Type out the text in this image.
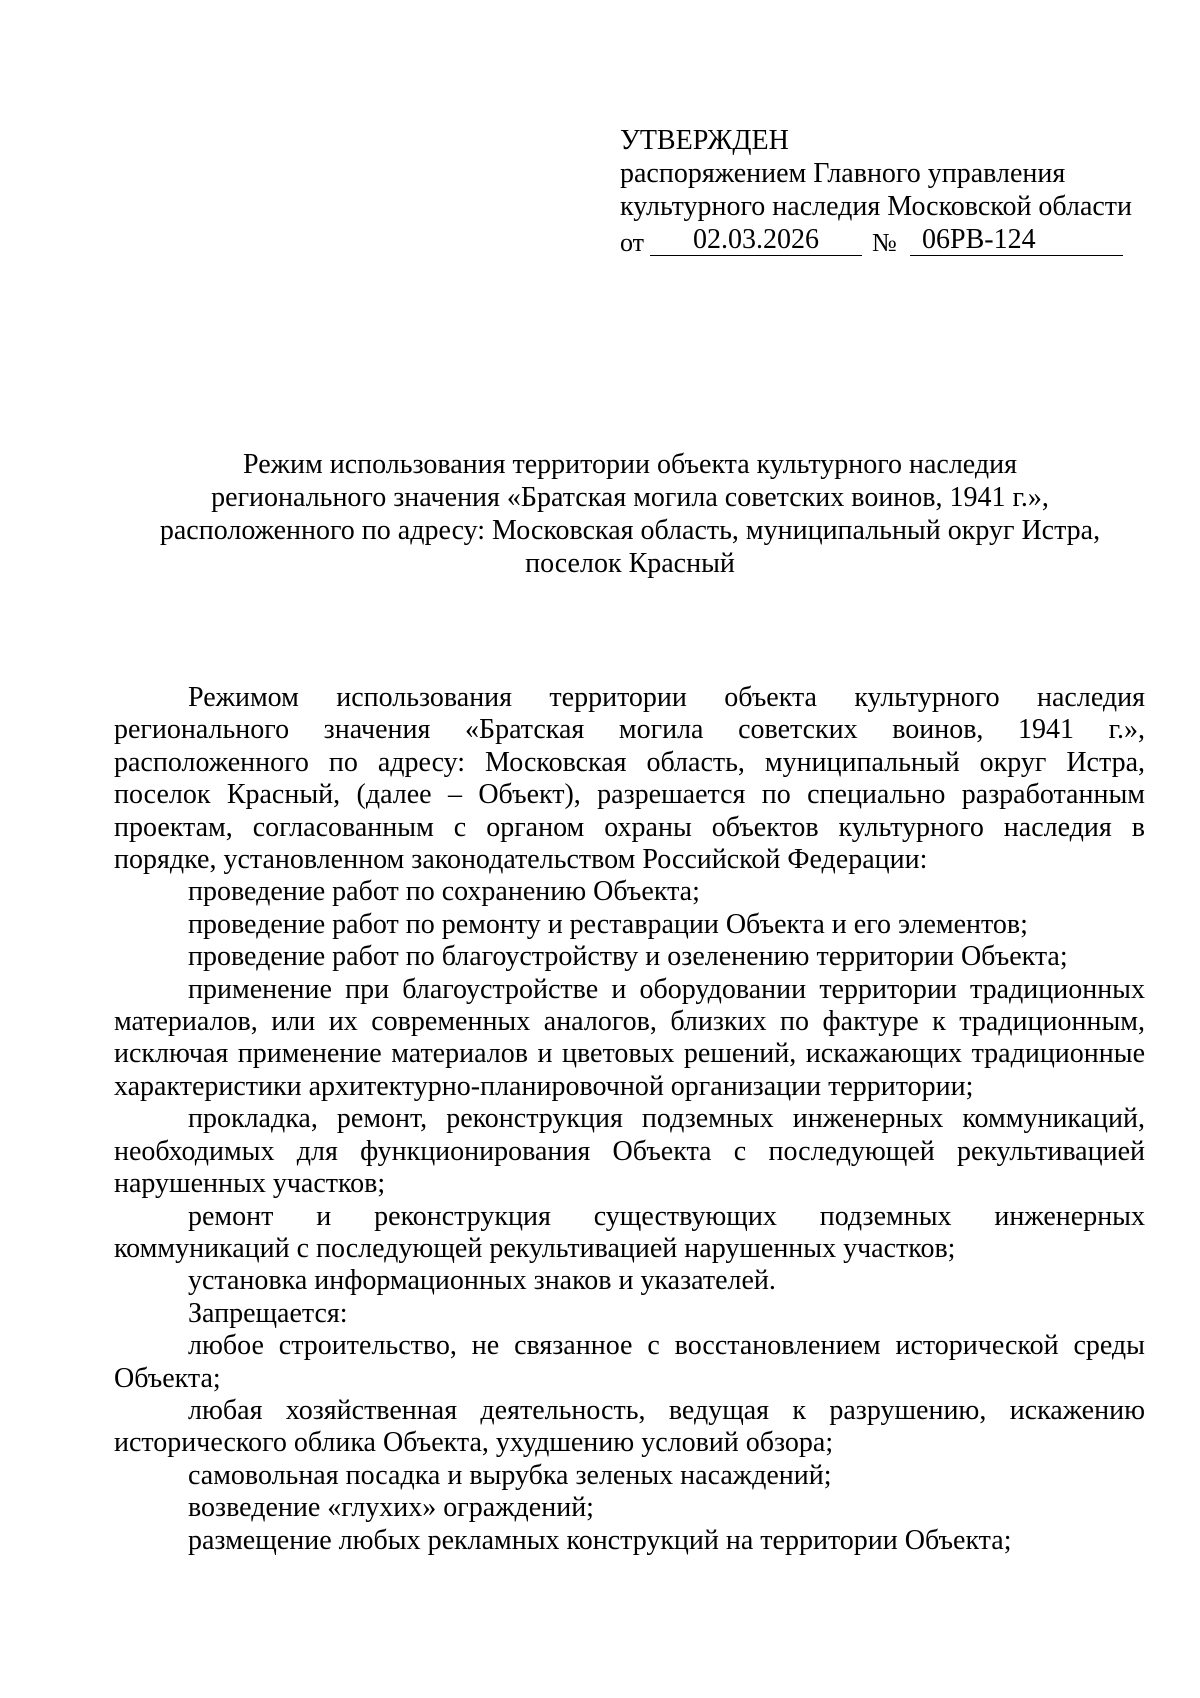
УТВЕРЖДЕН
распоряжением Главного управления
культурного наследия Московской области
от	02.03.2026	№ 06РВ-124
Режим использования территории объекта культурного наследия
регионального значения «Братская могила советских воинов, 1941 г.»,
расположенного по адресу: Московская область, муниципальный округ Истра,
поселок Красный

Режимом использования территории объекта культурного наследия регионального значения «Братская могила советских воинов, 1941 г.», расположенного по адресу: Московская область, муниципальный округ Истра, поселок Красный, (далее – Объект), разрешается по специально разработанным проектам, согласованным с органом охраны объектов культурного наследия в порядке, установленном законодательством Российской Федерации:

проведение работ по сохранению Объекта;

проведение работ по ремонту и реставрации Объекта и его элементов;

проведение работ по благоустройству и озеленению территории Объекта;

применение при благоустройстве и оборудовании территории традиционных материалов, или их современных аналогов, близких по фактуре к традиционным, исключая применение материалов и цветовых решений, искажающих традиционные характеристики архитектурно-планировочной организации территории;

прокладка, ремонт, реконструкция подземных инженерных коммуникаций, необходимых для функционирования Объекта с последующей рекультивацией нарушенных участков;

ремонт и реконструкция существующих подземных инженерных коммуникаций с последующей рекультивацией нарушенных участков;

установка информационных знаков и указателей.

Запрещается:

любое строительство, не связанное с восстановлением исторической среды Объекта;

любая хозяйственная деятельность, ведущая к разрушению, искажению исторического облика Объекта, ухудшению условий обзора;

самовольная посадка и вырубка зеленых насаждений;

возведение «глухих» ограждений;

размещение любых рекламных конструкций на территории Объекта;
